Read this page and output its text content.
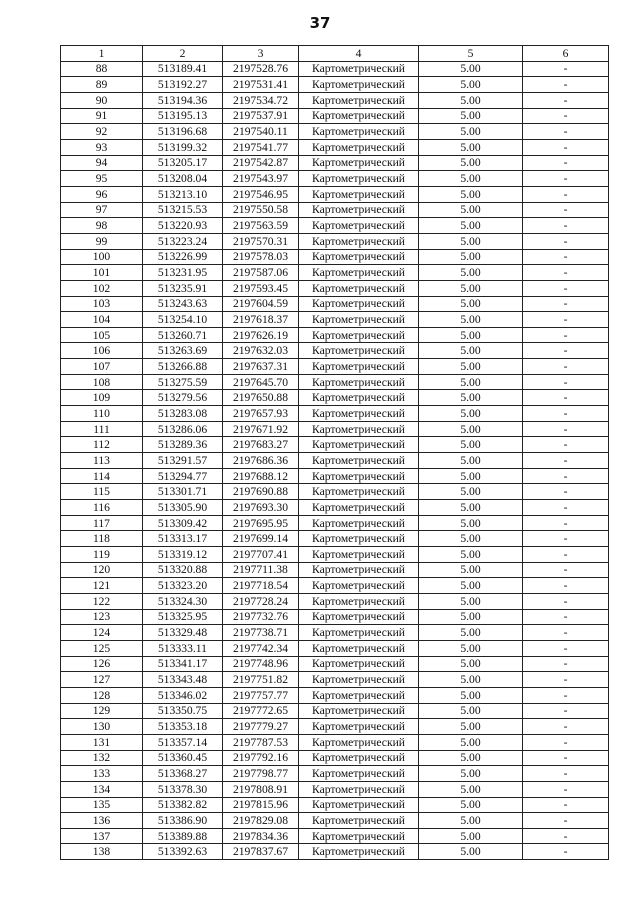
37
1	2	3	4	5	6
88	513189.41	2197528.76	Картометрический	5.00	-
89	513192.27	2197531.41	Картометрический	5.00	-
90	513194.36	2197534.72	Картометрический	5.00	-
91	513195.13	2197537.91	Картометрический	5.00	-
92	513196.68	2197540.11	Картометрический	5.00	-
93	513199.32	2197541.77	Картометрический	5.00	-
94	513205.17	2197542.87	Картометрический	5.00	-
95	513208.04	2197543.97	Картометрический	5.00	-
96	513213.10	2197546.95	Картометрический	5.00	-
97	513215.53	2197550.58	Картометрический	5.00	-
98	513220.93	2197563.59	Картометрический	5.00	-
99	513223.24	2197570.31	Картометрический	5.00	-
100	513226.99	2197578.03	Картометрический	5.00	-
101	513231.95	2197587.06	Картометрический	5.00	-
102	513235.91	2197593.45	Картометрический	5.00	-
103	513243.63	2197604.59	Картометрический	5.00	-
104	513254.10	2197618.37	Картометрический	5.00	-
105	513260.71	2197626.19	Картометрический	5.00	-
106	513263.69	2197632.03	Картометрический	5.00	-
107	513266.88	2197637.31	Картометрический	5.00	-
108	513275.59	2197645.70	Картометрический	5.00	-
109	513279.56	2197650.88	Картометрический	5.00	-
110	513283.08	2197657.93	Картометрический	5.00	-
111	513286.06	2197671.92	Картометрический	5.00	-
112	513289.36	2197683.27	Картометрический	5.00	-
113	513291.57	2197686.36	Картометрический	5.00	-
114	513294.77	2197688.12	Картометрический	5.00	-
115	513301.71	2197690.88	Картометрический	5.00	-
116	513305.90	2197693.30	Картометрический	5.00	-
117	513309.42	2197695.95	Картометрический	5.00	-
118	513313.17	2197699.14	Картометрический	5.00	-
119	513319.12	2197707.41	Картометрический	5.00	-
120	513320.88	2197711.38	Картометрический	5.00	-
121	513323.20	2197718.54	Картометрический	5.00	-
122	513324.30	2197728.24	Картометрический	5.00	-
123	513325.95	2197732.76	Картометрический	5.00	-
124	513329.48	2197738.71	Картометрический	5.00	-
125	513333.11	2197742.34	Картометрический	5.00	-
126	513341.17	2197748.96	Картометрический	5.00	-
127	513343.48	2197751.82	Картометрический	5.00	-
128	513346.02	2197757.77	Картометрический	5.00	-
129	513350.75	2197772.65	Картометрический	5.00	-
130	513353.18	2197779.27	Картометрический	5.00	-
131	513357.14	2197787.53	Картометрический	5.00	-
132	513360.45	2197792.16	Картометрический	5.00	-
133	513368.27	2197798.77	Картометрический	5.00	-
134	513378.30	2197808.91	Картометрический	5.00	-
135	513382.82	2197815.96	Картометрический	5.00	-
136	513386.90	2197829.08	Картометрический	5.00	-
137	513389.88	2197834.36	Картометрический	5.00	-
138	513392.63	2197837.67	Картометрический	5.00	-
